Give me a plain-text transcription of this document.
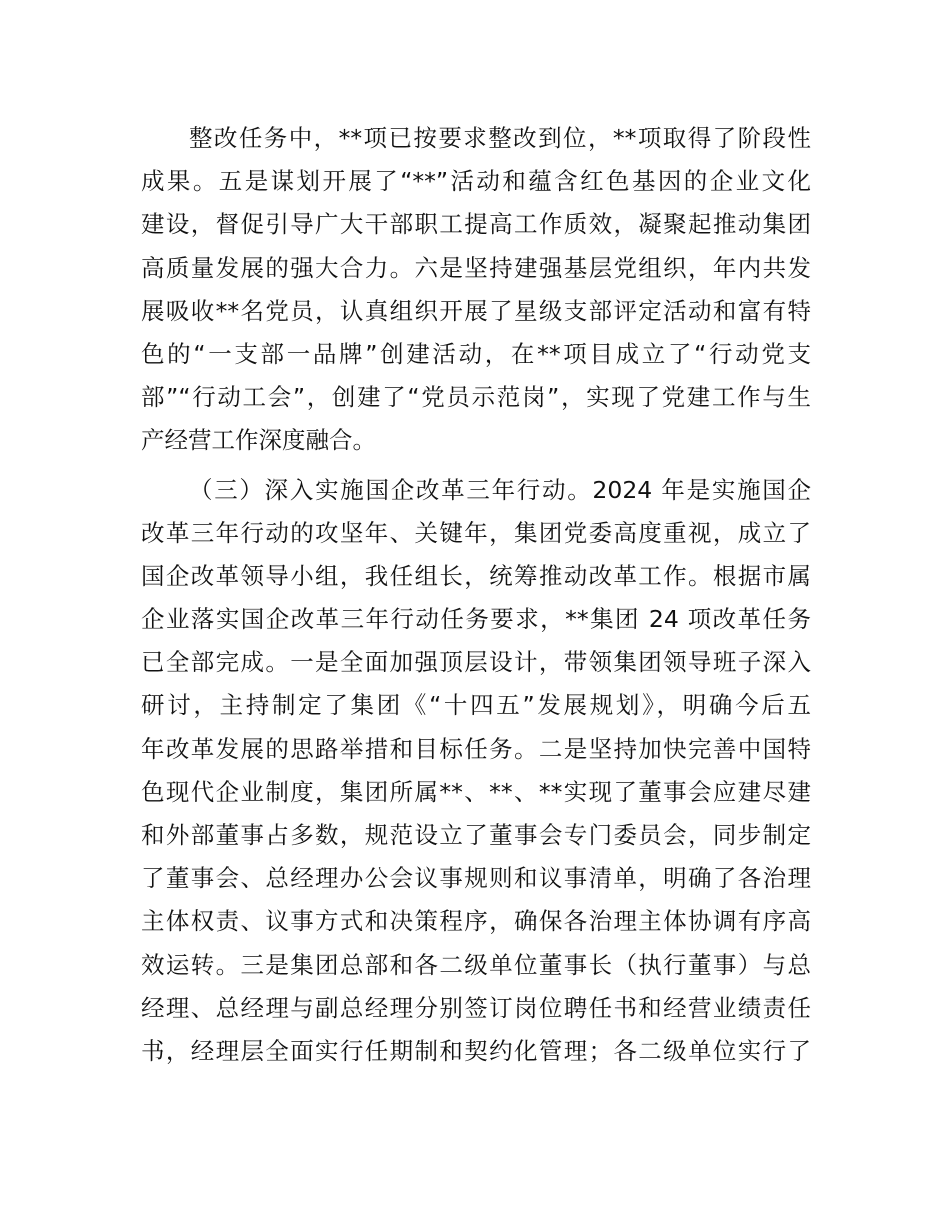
整改任务中，**项已按要求整改到位，**项取得了阶段性
成果。五是谋划开展了“**”活动和蕴含红色基因的企业文化
建设，督促引导广大干部职工提高工作质效，凝聚起推动集团
高质量发展的强大合力。六是坚持建强基层党组织，年内共发
展吸收**名党员，认真组织开展了星级支部评定活动和富有特
色的“一支部一品牌”创建活动，在**项目成立了“行动党支
部”“行动工会”，创建了“党员示范岗”，实现了党建工作与生
产经营工作深度融合。
（三）深入实施国企改革三年行动。2024 年是实施国企
改革三年行动的攻坚年、关键年，集团党委高度重视，成立了
国企改革领导小组，我任组长，统筹推动改革工作。根据市属
企业落实国企改革三年行动任务要求，**集团 24 项改革任务
已全部完成。一是全面加强顶层设计，带领集团领导班子深入
研讨，主持制定了集团《“十四五”发展规划》，明确今后五
年改革发展的思路举措和目标任务。二是坚持加快完善中国特
色现代企业制度，集团所属**、**、**实现了董事会应建尽建
和外部董事占多数，规范设立了董事会专门委员会，同步制定
了董事会、总经理办公会议事规则和议事清单，明确了各治理
主体权责、议事方式和决策程序，确保各治理主体协调有序高
效运转。三是集团总部和各二级单位董事长（执行董事）与总
经理、总经理与副总经理分别签订岗位聘任书和经营业绩责任
书，经理层全面实行任期制和契约化管理；各二级单位实行了
